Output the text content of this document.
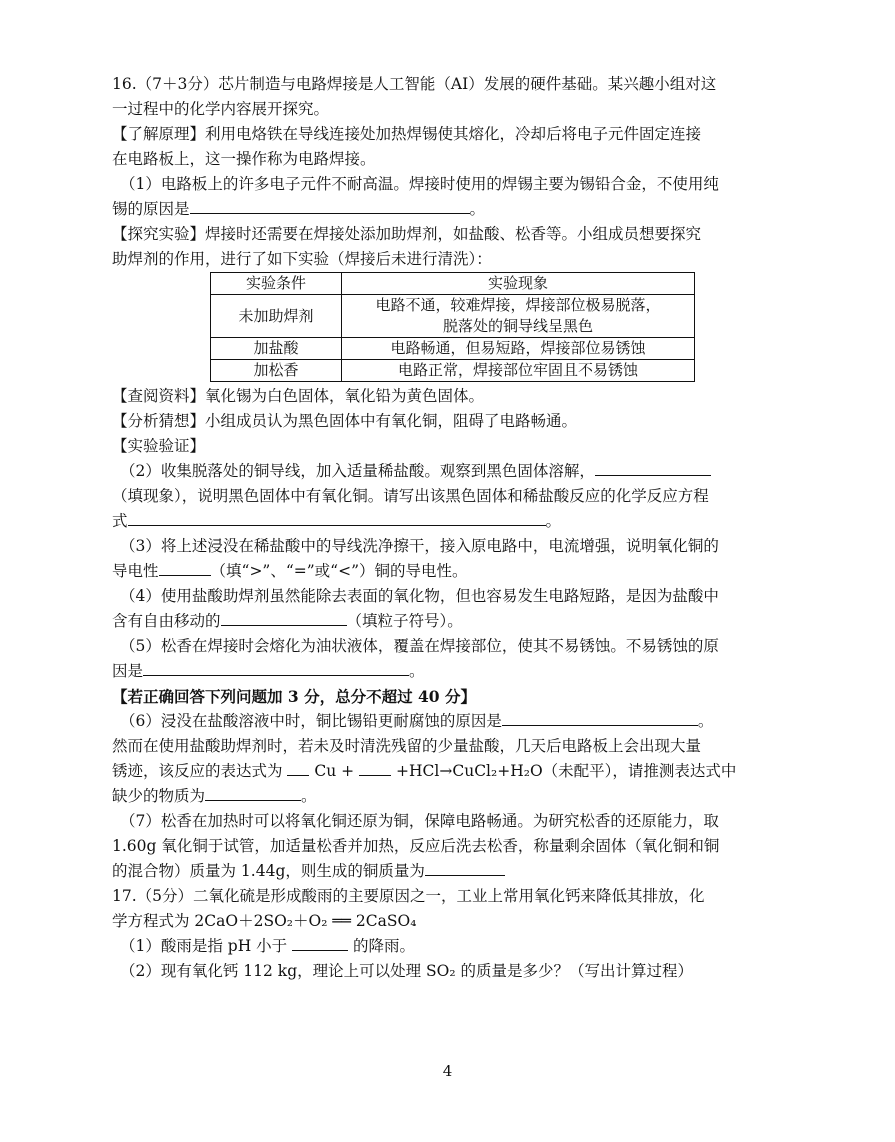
16.（7＋3分）芯片制造与电路焊接是人工智能（AI）发展的硬件基础。某兴趣小组对这

一过程中的化学内容展开探究。

【了解原理】利用电烙铁在导线连接处加热焊锡使其熔化，冷却后将电子元件固定连接

在电路板上，这一操作称为电路焊接。

（1）电路板上的许多电子元件不耐高温。焊接时使用的焊锡主要为锡铅合金，不使用纯

锡的原因是	。

【探究实验】焊接时还需要在焊接处添加助焊剂，如盐酸、松香等。小组成员想要探究

助焊剂的作用，进行了如下实验（焊接后未进行清洗）：

实验条件	实验现象
未加助焊剂	电路不通，较难焊接，焊接部位极易脱落，
脱落处的铜导线呈黑色
加盐酸	电路畅通，但易短路，焊接部位易锈蚀
加松香	电路正常，焊接部位牢固且不易锈蚀

【查阅资料】氧化锡为白色固体，氧化铅为黄色固体。

【分析猜想】小组成员认为黑色固体中有氧化铜，阻碍了电路畅通。

【实验验证】

（2）收集脱落处的铜导线，加入适量稀盐酸。观察到黑色固体溶解，

（填现象），说明黑色固体中有氧化铜。请写出该黑色固体和稀盐酸反应的化学反应方程

式	。

（3）将上述浸没在稀盐酸中的导线洗净擦干，接入原电路中，电流增强，说明氧化铜的

导电性	（填“>”、“=”或“<”）铜的导电性。

（4）使用盐酸助焊剂虽然能除去表面的氧化物，但也容易发生电路短路，是因为盐酸中

含有自由移动的	（填粒子符号）。

（5）松香在焊接时会熔化为油状液体，覆盖在焊接部位，使其不易锈蚀。不易锈蚀的原

因是	。

【若正确回答下列问题加 3 分，总分不超过 40 分】

（6）浸没在盐酸溶液中时，铜比锡铅更耐腐蚀的原因是	。

然而在使用盐酸助焊剂时，若未及时清洗残留的少量盐酸，几天后电路板上会出现大量

锈迹，该反应的表达式为 Cu +	+HCl→CuCl₂+H₂O（未配平），请推测表达式中

缺少的物质为	。

（7）松香在加热时可以将氧化铜还原为铜，保障电路畅通。为研究松香的还原能力，取

1.60g 氧化铜于试管，加适量松香并加热，反应后洗去松香，称量剩余固体（氧化铜和铜

的混合物）质量为 1.44g，则生成的铜质量为

17.（5分）二氧化硫是形成酸雨的主要原因之一，工业上常用氧化钙来降低其排放，化

学方程式为 2CaO＋2SO₂＋O₂ ══ 2CaSO₄

（1）酸雨是指 pH 小于	的降雨。

（2）现有氧化钙 112 kg，理论上可以处理 SO₂ 的质量是多少？（写出计算过程）

4
